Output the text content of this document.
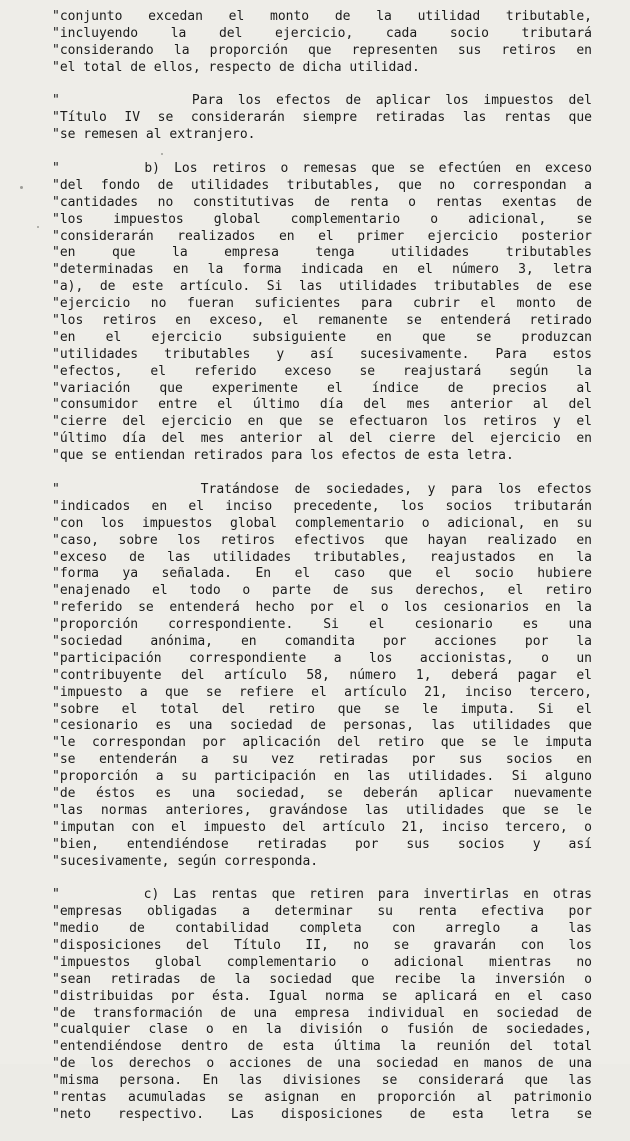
"conjunto excedan el monto de la utilidad tributable,
"incluyendo la del ejercicio, cada socio tributará
"considerando la proporción que representen sus retiros en
"el total de ellos, respecto de dicha utilidad.
"         Para los efectos de aplicar los impuestos del
"Título IV se considerarán siempre retiradas las rentas que
"se remesen al extranjero.
"      b) Los retiros o remesas que se efectúen en exceso
"del fondo de utilidades tributables, que no correspondan a
"cantidades no constitutivas de renta o rentas exentas de
"los impuestos global complementario o adicional, se
"considerarán realizados en el primer ejercicio posterior
"en que la empresa tenga utilidades tributables
"determinadas en la forma indicada en el número 3, letra
"a), de este artículo. Si las utilidades tributables de ese
"ejercicio no fueran suficientes para cubrir el monto de
"los retiros en exceso, el remanente se entenderá retirado
"en el ejercicio subsiguiente en que se produzcan
"utilidades tributables y así sucesivamente. Para estos
"efectos, el referido exceso se reajustará según la
"variación que experimente el índice de precios al
"consumidor entre el último día del mes anterior al del
"cierre del ejercicio en que se efectuaron los retiros y el
"último día del mes anterior al del cierre del ejercicio en
"que se entiendan retirados para los efectos de esta letra.
"         Tratándose de sociedades, y para los efectos
"indicados en el inciso precedente, los socios tributarán
"con los impuestos global complementario o adicional, en su
"caso, sobre los retiros efectivos que hayan realizado en
"exceso de las utilidades tributables, reajustados en la
"forma ya señalada. En el caso que el socio hubiere
"enajenado el todo o parte de sus derechos, el retiro
"referido se entenderá hecho por el o los cesionarios en la
"proporción correspondiente. Si el cesionario es una
"sociedad anónima, en comandita por acciones por la
"participación correspondiente a los accionistas, o un
"contribuyente del artículo 58, número 1, deberá pagar el
"impuesto a que se refiere el artículo 21, inciso tercero,
"sobre el total del retiro que se le imputa. Si el
"cesionario es una sociedad de personas, las utilidades que
"le correspondan por aplicación del retiro que se le imputa
"se entenderán a su vez retiradas por sus socios en
"proporción a su participación en las utilidades. Si alguno
"de éstos es una sociedad, se deberán aplicar nuevamente
"las normas anteriores, gravándose las utilidades que se le
"imputan con el impuesto del artículo 21, inciso tercero, o
"bien, entendiéndose retiradas por sus socios y así
"sucesivamente, según corresponda.
"      c) Las rentas que retiren para invertirlas en otras
"empresas obligadas a determinar su renta efectiva por
"medio de contabilidad completa con arreglo a las
"disposiciones del Título II, no se gravarán con los
"impuestos global complementario o adicional mientras no
"sean retiradas de la sociedad que recibe la inversión o
"distribuidas por ésta. Igual norma se aplicará en el caso
"de transformación de una empresa individual en sociedad de
"cualquier clase o en la división o fusión de sociedades,
"entendiéndose dentro de esta última la reunión del total
"de los derechos o acciones de una sociedad en manos de una
"misma persona. En las divisiones se considerará que las
"rentas acumuladas se asignan en proporción al patrimonio
"neto respectivo. Las disposiciones de esta letra se
